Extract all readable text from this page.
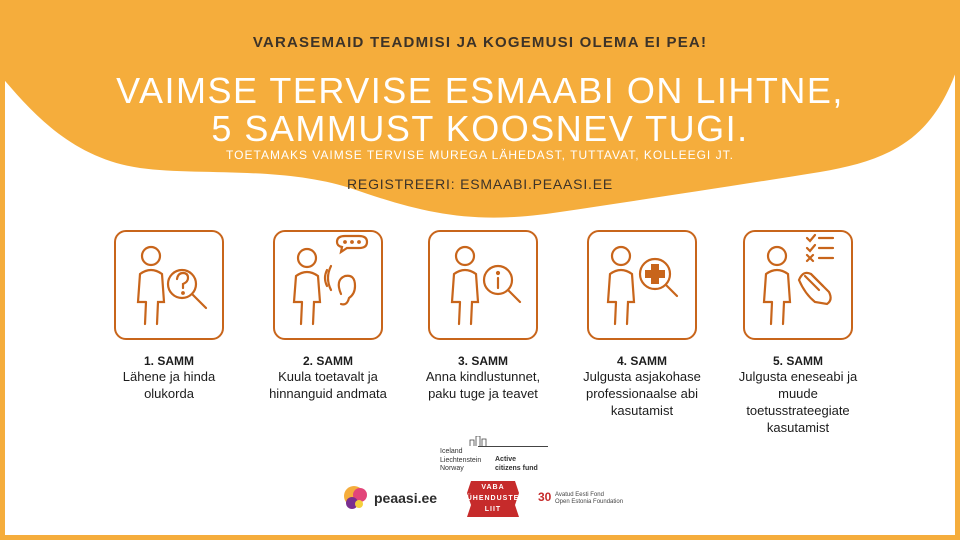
VARASEMAID TEADMISI JA KOGEMUSI OLEMA EI PEA!
VAIMSE TERVISE ESMAABI ON LIHTNE,
5 SAMMUST KOOSNEV TUGI.
TOETAMAKS VAIMSE TERVISE MUREGA LÄHEDAST, TUTTAVAT, KOLLEEGI JT.
REGISTREERI: ESMAABI.PEAASI.EE
1. SAMM
Lähene ja hinda olukorda
2. SAMM
Kuula toetavalt ja hinnanguid andmata
3. SAMM
Anna kindlustunnet, paku tuge ja teavet
4. SAMM
Julgusta asjakohase professionaalse abi kasutamist
5. SAMM
Julgusta eneseabi ja muude toetusstrateegiate kasutamist
Iceland
Liechtenstein
Norway
Active
citizens fund
peaasi.ee
VABA
ÜHENDUSTE
LIIT
30 Avatud Eesti Fond
Open Estonia Foundation
